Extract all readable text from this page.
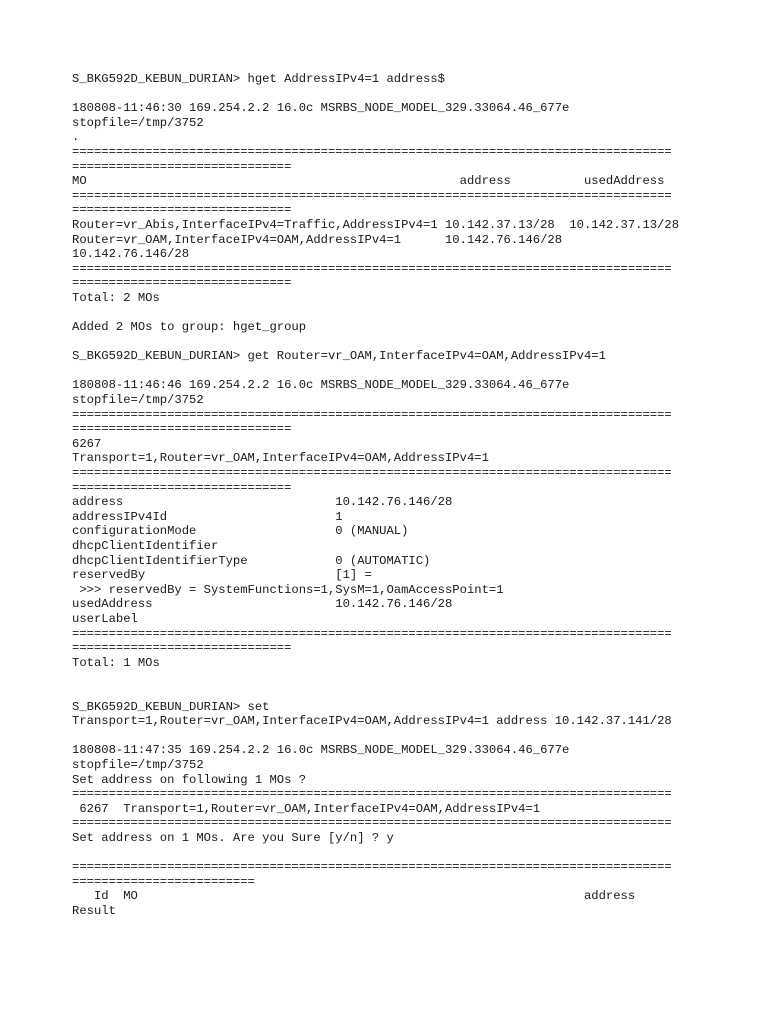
S_BKG592D_KEBUN_DURIAN> hget AddressIPv4=1 address$
180808-11:46:30 169.254.2.2 16.0c MSRBS_NODE_MODEL_329.33064.46_677e
stopfile=/tmp/3752
.
==================================================================================
==============================
MO                                                   address          usedAddress
==================================================================================
==============================
Router=vr_Abis,InterfaceIPv4=Traffic,AddressIPv4=1 10.142.37.13/28  10.142.37.13/28
Router=vr_OAM,InterfaceIPv4=OAM,AddressIPv4=1      10.142.76.146/28
10.142.76.146/28
==================================================================================
==============================
Total: 2 MOs
Added 2 MOs to group: hget_group
S_BKG592D_KEBUN_DURIAN> get Router=vr_OAM,InterfaceIPv4=OAM,AddressIPv4=1
180808-11:46:46 169.254.2.2 16.0c MSRBS_NODE_MODEL_329.33064.46_677e
stopfile=/tmp/3752
==================================================================================
==============================
6267
Transport=1,Router=vr_OAM,InterfaceIPv4=OAM,AddressIPv4=1
==================================================================================
==============================
address                             10.142.76.146/28
addressIPv4Id                       1
configurationMode                   0 (MANUAL)
dhcpClientIdentifier
dhcpClientIdentifierType            0 (AUTOMATIC)
reservedBy                          [1] =
>>> reservedBy = SystemFunctions=1,SysM=1,OamAccessPoint=1
usedAddress                         10.142.76.146/28
userLabel
==================================================================================
==============================
Total: 1 MOs
S_BKG592D_KEBUN_DURIAN> set
Transport=1,Router=vr_OAM,InterfaceIPv4=OAM,AddressIPv4=1 address 10.142.37.141/28
180808-11:47:35 169.254.2.2 16.0c MSRBS_NODE_MODEL_329.33064.46_677e
stopfile=/tmp/3752
Set address on following 1 MOs ?
==================================================================================
6267  Transport=1,Router=vr_OAM,InterfaceIPv4=OAM,AddressIPv4=1
==================================================================================
Set address on 1 MOs. Are you Sure [y/n] ? y
==================================================================================
=========================
Id  MO                                                             address
Result
